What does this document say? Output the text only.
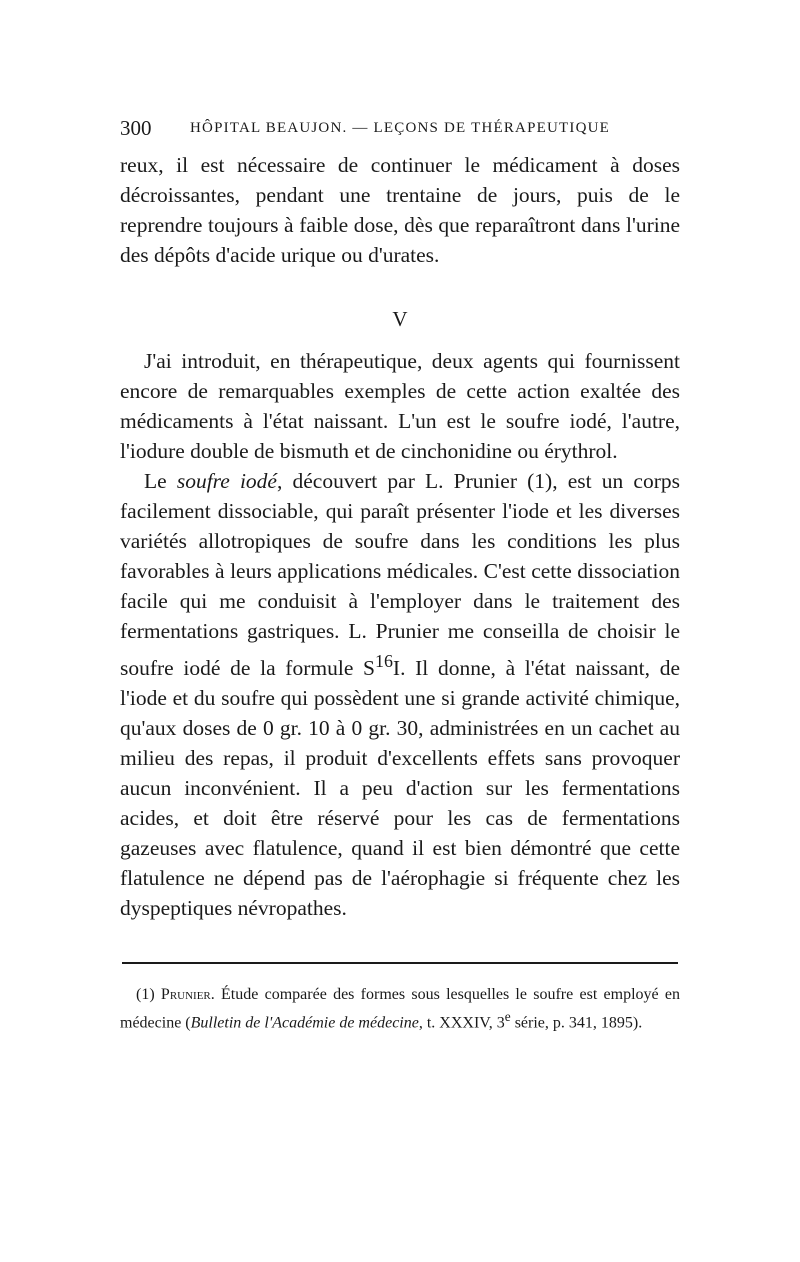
300	HÔPITAL BEAUJON. — LEÇONS DE THÉRAPEUTIQUE

reux, il est nécessaire de continuer le médicament à doses décroissantes, pendant une trentaine de jours, puis de le reprendre toujours à faible dose, dès que reparaîtront dans l'urine des dépôts d'acide urique ou d'urates.

V

J'ai introduit, en thérapeutique, deux agents qui fournissent encore de remarquables exemples de cette action exaltée des médicaments à l'état naissant. L'un est le soufre iodé, l'autre, l'iodure double de bismuth et de cinchonidine ou érythrol.

Le soufre iodé, découvert par L. Prunier (1), est un corps facilement dissociable, qui paraît présenter l'iode et les diverses variétés allotropiques de soufre dans les conditions les plus favorables à leurs applications médicales. C'est cette dissociation facile qui me conduisit à l'employer dans le traitement des fermentations gastriques. L. Prunier me conseilla de choisir le soufre iodé de la formule $S^{16}I$. Il donne, à l'état naissant, de l'iode et du soufre qui possèdent une si grande activité chimique, qu'aux doses de 0 gr. 10 à 0 gr. 30, administrées en un cachet au milieu des repas, il produit d'excellents effets sans provoquer aucun inconvénient. Il a peu d'action sur les fermentations acides, et doit être réservé pour les cas de fermentations gazeuses avec flatulence, quand il est bien démontré que cette flatulence ne dépend pas de l'aérophagie si fréquente chez les dyspeptiques névropathes.

(1) Prunier. Étude comparée des formes sous lesquelles le soufre est employé en médecine (Bulletin de l'Académie de médecine, t. XXXIV, 3e série, p. 341, 1895).
